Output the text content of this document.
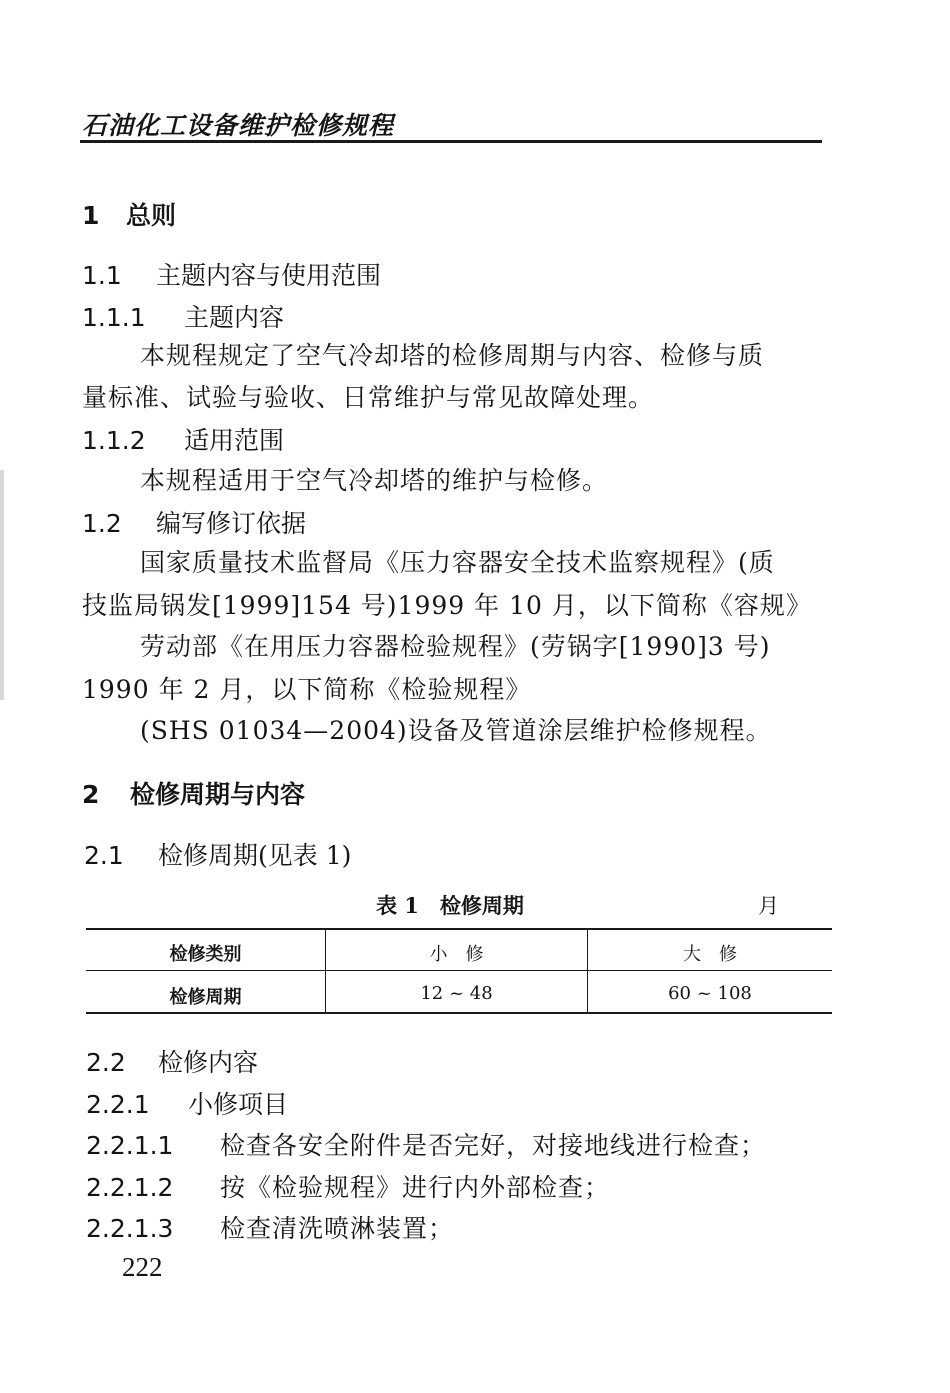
石油化工设备维护检修规程
1 总则
1.1 主题内容与使用范围
1.1.1 主题内容
本规程规定了空气冷却塔的检修周期与内容、检修与质
量标准、试验与验收、日常维护与常见故障处理。
1.1.2 适用范围
本规程适用于空气冷却塔的维护与检修。
1.2 编写修订依据
国家质量技术监督局《压力容器安全技术监察规程》(质
技监局锅发[1999]154 号)1999 年 10 月，以下简称《容规》
劳动部《在用压力容器检验规程》(劳锅字[1990]3 号)
1990 年 2 月，以下简称《检验规程》
(SHS 01034—2004)设备及管道涂层维护检修规程。
2 检修周期与内容
2.1 检修周期(见表 1)
表 1　检修周期	月
检修类别	小　修	大　修
检修周期	12 ~ 48	60 ~ 108
2.2 检修内容
2.2.1 小修项目
2.2.1.1 检查各安全附件是否完好，对接地线进行检查；
2.2.1.2 按《检验规程》进行内外部检查；
2.2.1.3 检查清洗喷淋装置；
222
